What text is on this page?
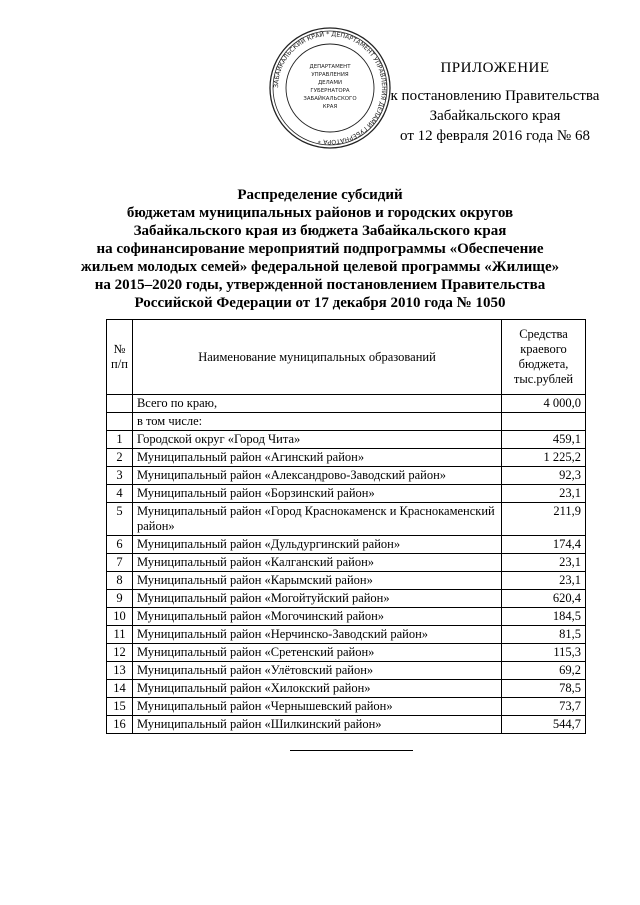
ЗАБАЙКАЛЬСКИЙ КРАЙ * ДЕПАРТАМЕНТ УПРАВЛЕНИЯ ДЕЛАМИ ГУБЕРНАТОРА *
ДЕПАРТАМЕНТ
УПРАВЛЕНИЯ
ДЕЛАМИ
ГУБЕРНАТОРА
ЗАБАЙКАЛЬСКОГО
КРАЯ
ПРИЛОЖЕНИЕ
к постановлению Правительства
Забайкальского края
от 12 февраля 2016 года № 68
Распределение субсидий
бюджетам муниципальных районов и городских округов
Забайкальского края из бюджета Забайкальского края
на софинансирование мероприятий подпрограммы «Обеспечение
жильем молодых семей» федеральной целевой программы «Жилище»
на 2015–2020 годы, утвержденной постановлением Правительства
Российской Федерации от 17 декабря 2010 года № 1050
№ п/п	Наименование муниципальных образований	Средства краевого бюджета, тыс.рублей
	Всего по краю,	4 000,0
	в том числе:	
1	Городской округ «Город Чита»	459,1
2	Муниципальный район «Агинский район»	1 225,2
3	Муниципальный район «Александрово-Заводский район»	92,3
4	Муниципальный район «Борзинский район»	23,1
5	Муниципальный район «Город Краснокаменск и Краснокаменский район»	211,9
6	Муниципальный район «Дульдургинский район»	174,4
7	Муниципальный район «Калганский район»	23,1
8	Муниципальный район «Карымский район»	23,1
9	Муниципальный район «Могойтуйский район»	620,4
10	Муниципальный район «Могочинский район»	184,5
11	Муниципальный район «Нерчинско-Заводский район»	81,5
12	Муниципальный район «Сретенский район»	115,3
13	Муниципальный район «Улётовский район»	69,2
14	Муниципальный район «Хилокский район»	78,5
15	Муниципальный район «Чернышевский район»	73,7
16	Муниципальный район «Шилкинский район»	544,7
